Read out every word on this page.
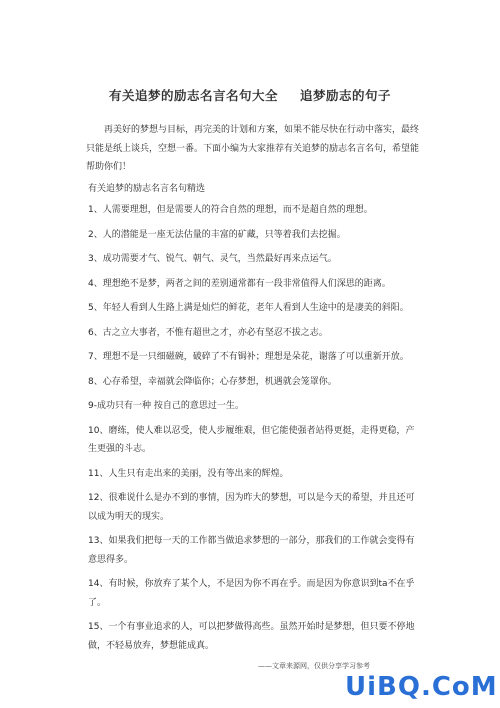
有关追梦的励志名言名句大全 追梦励志的句子

再美好的梦想与目标，再完美的计划和方案，如果不能尽快在行动中落实，最终只能是纸上谈兵，空想一番。下面小编为大家推荐有关追梦的励志名言名句，希望能帮助你们！

有关追梦的励志名言名句精选

1、人需要理想，但是需要人的符合自然的理想，而不是超自然的理想。

2、人的潜能是一座无法估量的丰富的矿藏，只等着我们去挖掘。

3、成功需要才气、锐气、朝气、灵气，当然最好再来点运气。

4、理想绝不是梦，两者之间的差别通常都有一段非常值得人们深思的距离。

5、年轻人看到人生路上满是灿烂的鲜花，老年人看到人生途中的是凄美的斜阳。

6、古之立大事者，不惟有超世之才，亦必有坚忍不拔之志。

7、理想不是一只细磁碗，破碎了不有锔补；理想是朵花，谢落了可以重新开放。

8、心存希望，幸福就会降临你；心存梦想，机遇就会笼罩你。

9-成功只有一种 按自己的意思过一生。

10、磨练，使人难以忍受，使人步履维艰，但它能使强者站得更挺，走得更稳，产生更强的斗志。

11、人生只有走出来的美丽，没有等出来的辉煌。

12、很难说什么是办不到的事情，因为昨大的梦想，可以是今天的希望，并且还可以成为明天的现实。

13、如果我们把每一天的工作都当做追求梦想的一部分，那我们的工作就会变得有意思得多。

14、有时候，你放弃了某个人，不是因为你不再在乎。而是因为你意识到ta不在乎了。

15、一个有事业追求的人，可以把梦做得高些。虽然开始时是梦想，但只要不停地做，不轻易放弃，梦想能成真。

——文章来源网，仅供分享学习参考
UiBQ.CoM
